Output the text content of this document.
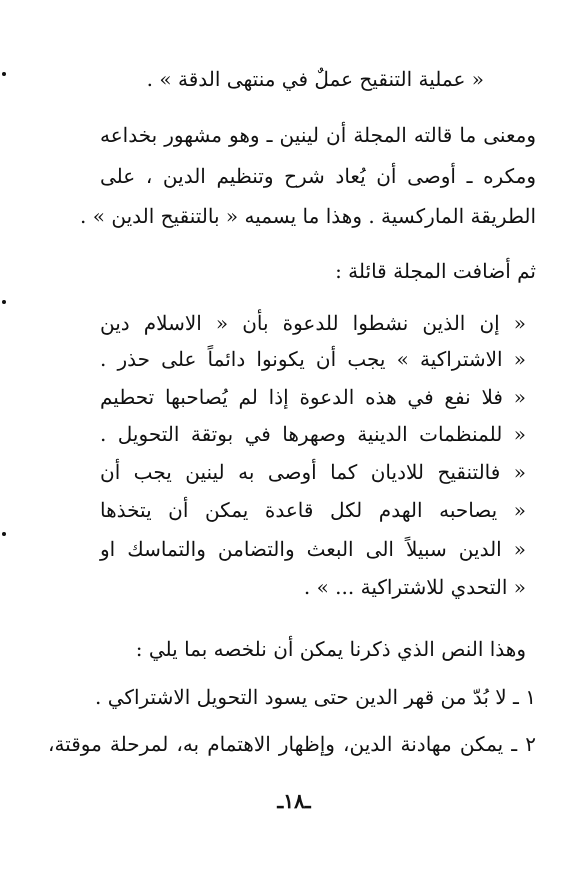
« عملية التنقيح عملٌ في منتهى الدقة » .
ومعنى ما قالته المجلة أن لينين ـ وهو مشهور بخداعه
ومكره ـ أوصى أن يُعاد شرح وتنظيم الدين ، على
الطريقة الماركسية . وهذا ما يسميه « بالتنقيح الدين » .
ثم أضافت المجلة قائلة :
« إن الذين نشطوا للدعوة بأن « الاسلام دين
« الاشتراكية » يجب أن يكونوا دائماً على حذر .
« فلا نفع في هذه الدعوة إذا لم يُصاحبها تحطيم
« للمنظمات الدينية وصهرها في بوتقة التحويل .
« فالتنقيح للاديان كما أوصى به لينين يجب أن
« يصاحبه الهدم لكل قاعدة يمكن أن يتخذها
« الدين سبيلاً الى البعث والتضامن والتماسك او
« التحدي للاشتراكية ... » .
وهذا النص الذي ذكرنا يمكن أن نلخصه بما يلي :
١ ـ لا بُدّ من قهر الدين حتى يسود التحويل الاشتراكي .
٢ ـ يمكن مهادنة الدين، وإظهار الاهتمام به، لمرحلة موقتة،
ـ١٨ـ
